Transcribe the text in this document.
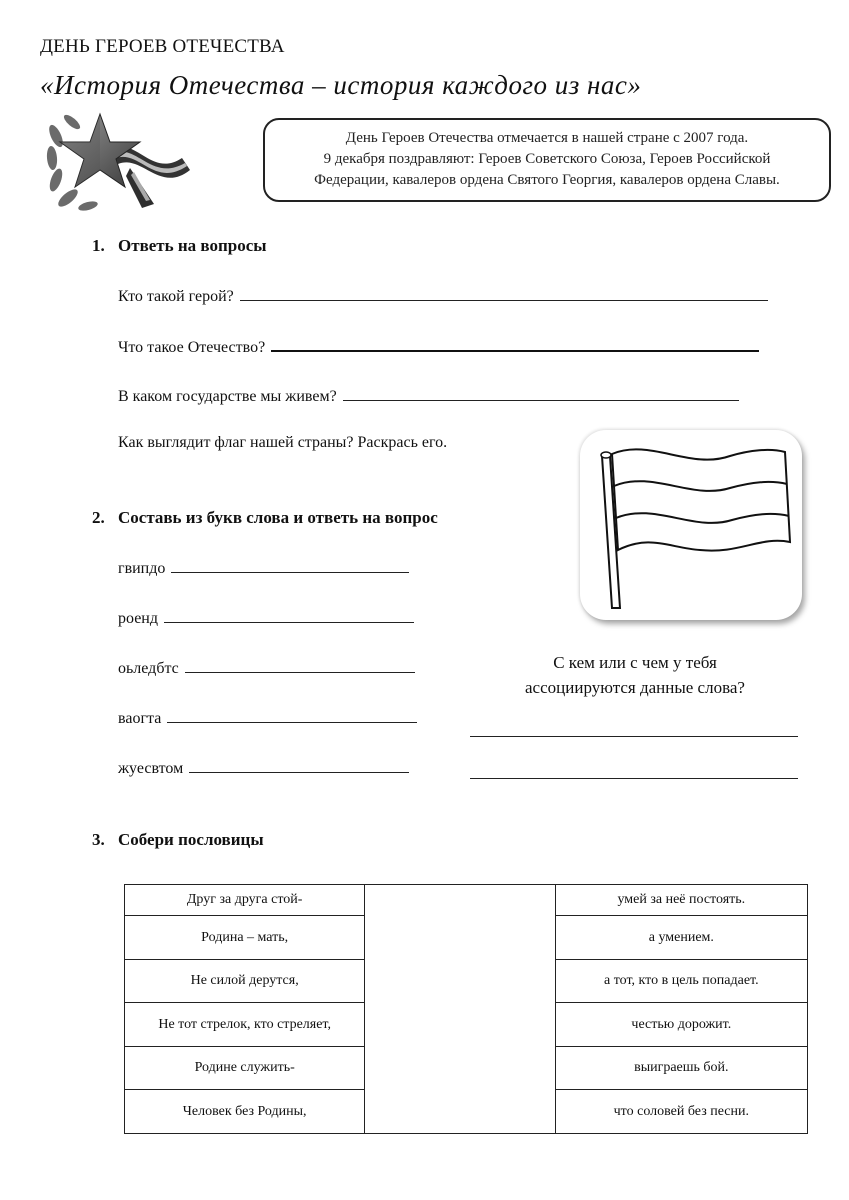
ДЕНЬ ГЕРОЕВ ОТЕЧЕСТВА
«История Отечества – история каждого из нас»
День Героев Отечества отмечается в нашей стране с 2007 года.
9 декабря поздравляют: Героев Советского Союза, Героев Российской
Федерации, кавалеров ордена Святого Георгия, кавалеров ордена Славы.
1. Ответь на вопросы
Кто такой герой?
Что такое Отечество?
В каком государстве мы живем?
Как выглядит флаг нашей страны? Раскрась его.
2. Составь из букв слова и ответь на вопрос
гвипдо
роенд
оьледбтс
ваогта
жуесвтом
С кем или с чем у тебя
ассоциируются данные слова?
3. Собери пословицы
Друг за друга стой-		умей за неё постоять.
Родина – мать,		а умением.
Не силой дерутся,		а тот, кто в цель попадает.
Не тот стрелок, кто стреляет,		честью дорожит.
Родине служить-		выиграешь бой.
Человек без Родины,		что соловей без песни.
